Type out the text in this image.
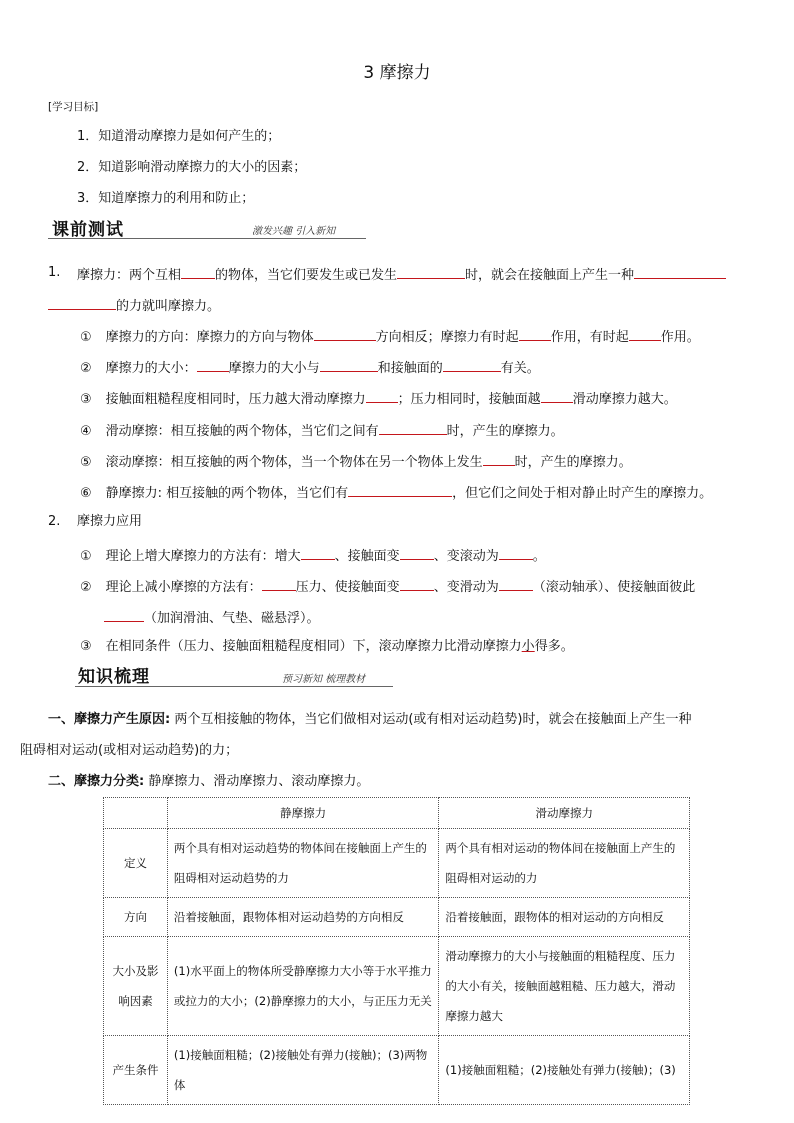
3 摩擦力
[学习目标]
1．知道滑动摩擦力是如何产生的；
2．知道影响滑动摩擦力的大小的因素；
3．知道摩擦力的利用和防止；
课前测试	激发兴趣 引入新知
1. 摩擦力：两个互相	的物体，当它们要发生或已发生	时，就会在接触面上产生一种
的力就叫摩擦力。
① 摩擦力的方向：摩擦力的方向与物体	方向相反；摩擦力有时起 作用，有时起 作用。
② 摩擦力的大小： 摩擦力的大小与	和接触面的	有关。
③ 接触面粗糙程度相同时，压力越大滑动摩擦力 ；压力相同时，接触面越 滑动摩擦力越大。
④ 滑动摩擦：相互接触的两个物体，当它们之间有	时，产生的摩擦力。
⑤ 滚动摩擦：相互接触的两个物体，当一个物体在另一个物体上发生 时，产生的摩擦力。
⑥ 静摩擦力: 相互接触的两个物体，当它们有	，但它们之间处于相对静止时产生的摩擦力。
2. 摩擦力应用
① 理论上增大摩擦力的方法有：增大	、接触面变	、变滚动为	。
② 理论上减小摩擦的方法有：	压力、使接触面变	、变滑动为	（滚动轴承）、使接触面彼此
（加润滑油、气垫、磁悬浮）。
③ 在相同条件（压力、接触面粗糙程度相同）下，滚动摩擦力比滑动摩擦力小得多。
知识梳理	预习新知 梳理教材
一、摩擦力产生原因: 两个互相接触的物体，当它们做相对运动(或有相对运动趋势)时，就会在接触面上产生一种
阻碍相对运动(或相对运动趋势)的力；
二、摩擦力分类: 静摩擦力、滑动摩擦力、滚动摩擦力。
	静摩擦力	滑动摩擦力
定义	两个具有相对运动趋势的物体间在接触面上产生的阻碍相对运动趋势的力	两个具有相对运动的物体间在接触面上产生的阻碍相对运动的力
方向	沿着接触面，跟物体相对运动趋势的方向相反	沿着接触面，跟物体的相对运动的方向相反
大小及影响因素	(1)水平面上的物体所受静摩擦力大小等于水平推力或拉力的大小；(2)静摩擦力的大小，与正压力无关	滑动摩擦力的大小与接触面的粗糙程度、压力的大小有关，接触面越粗糙、压力越大，滑动摩擦力越大
产生条件	(1)接触面粗糙；(2)接触处有弹力(接触)；(3)两物体	(1)接触面粗糙；(2)接触处有弹力(接触)；(3)
